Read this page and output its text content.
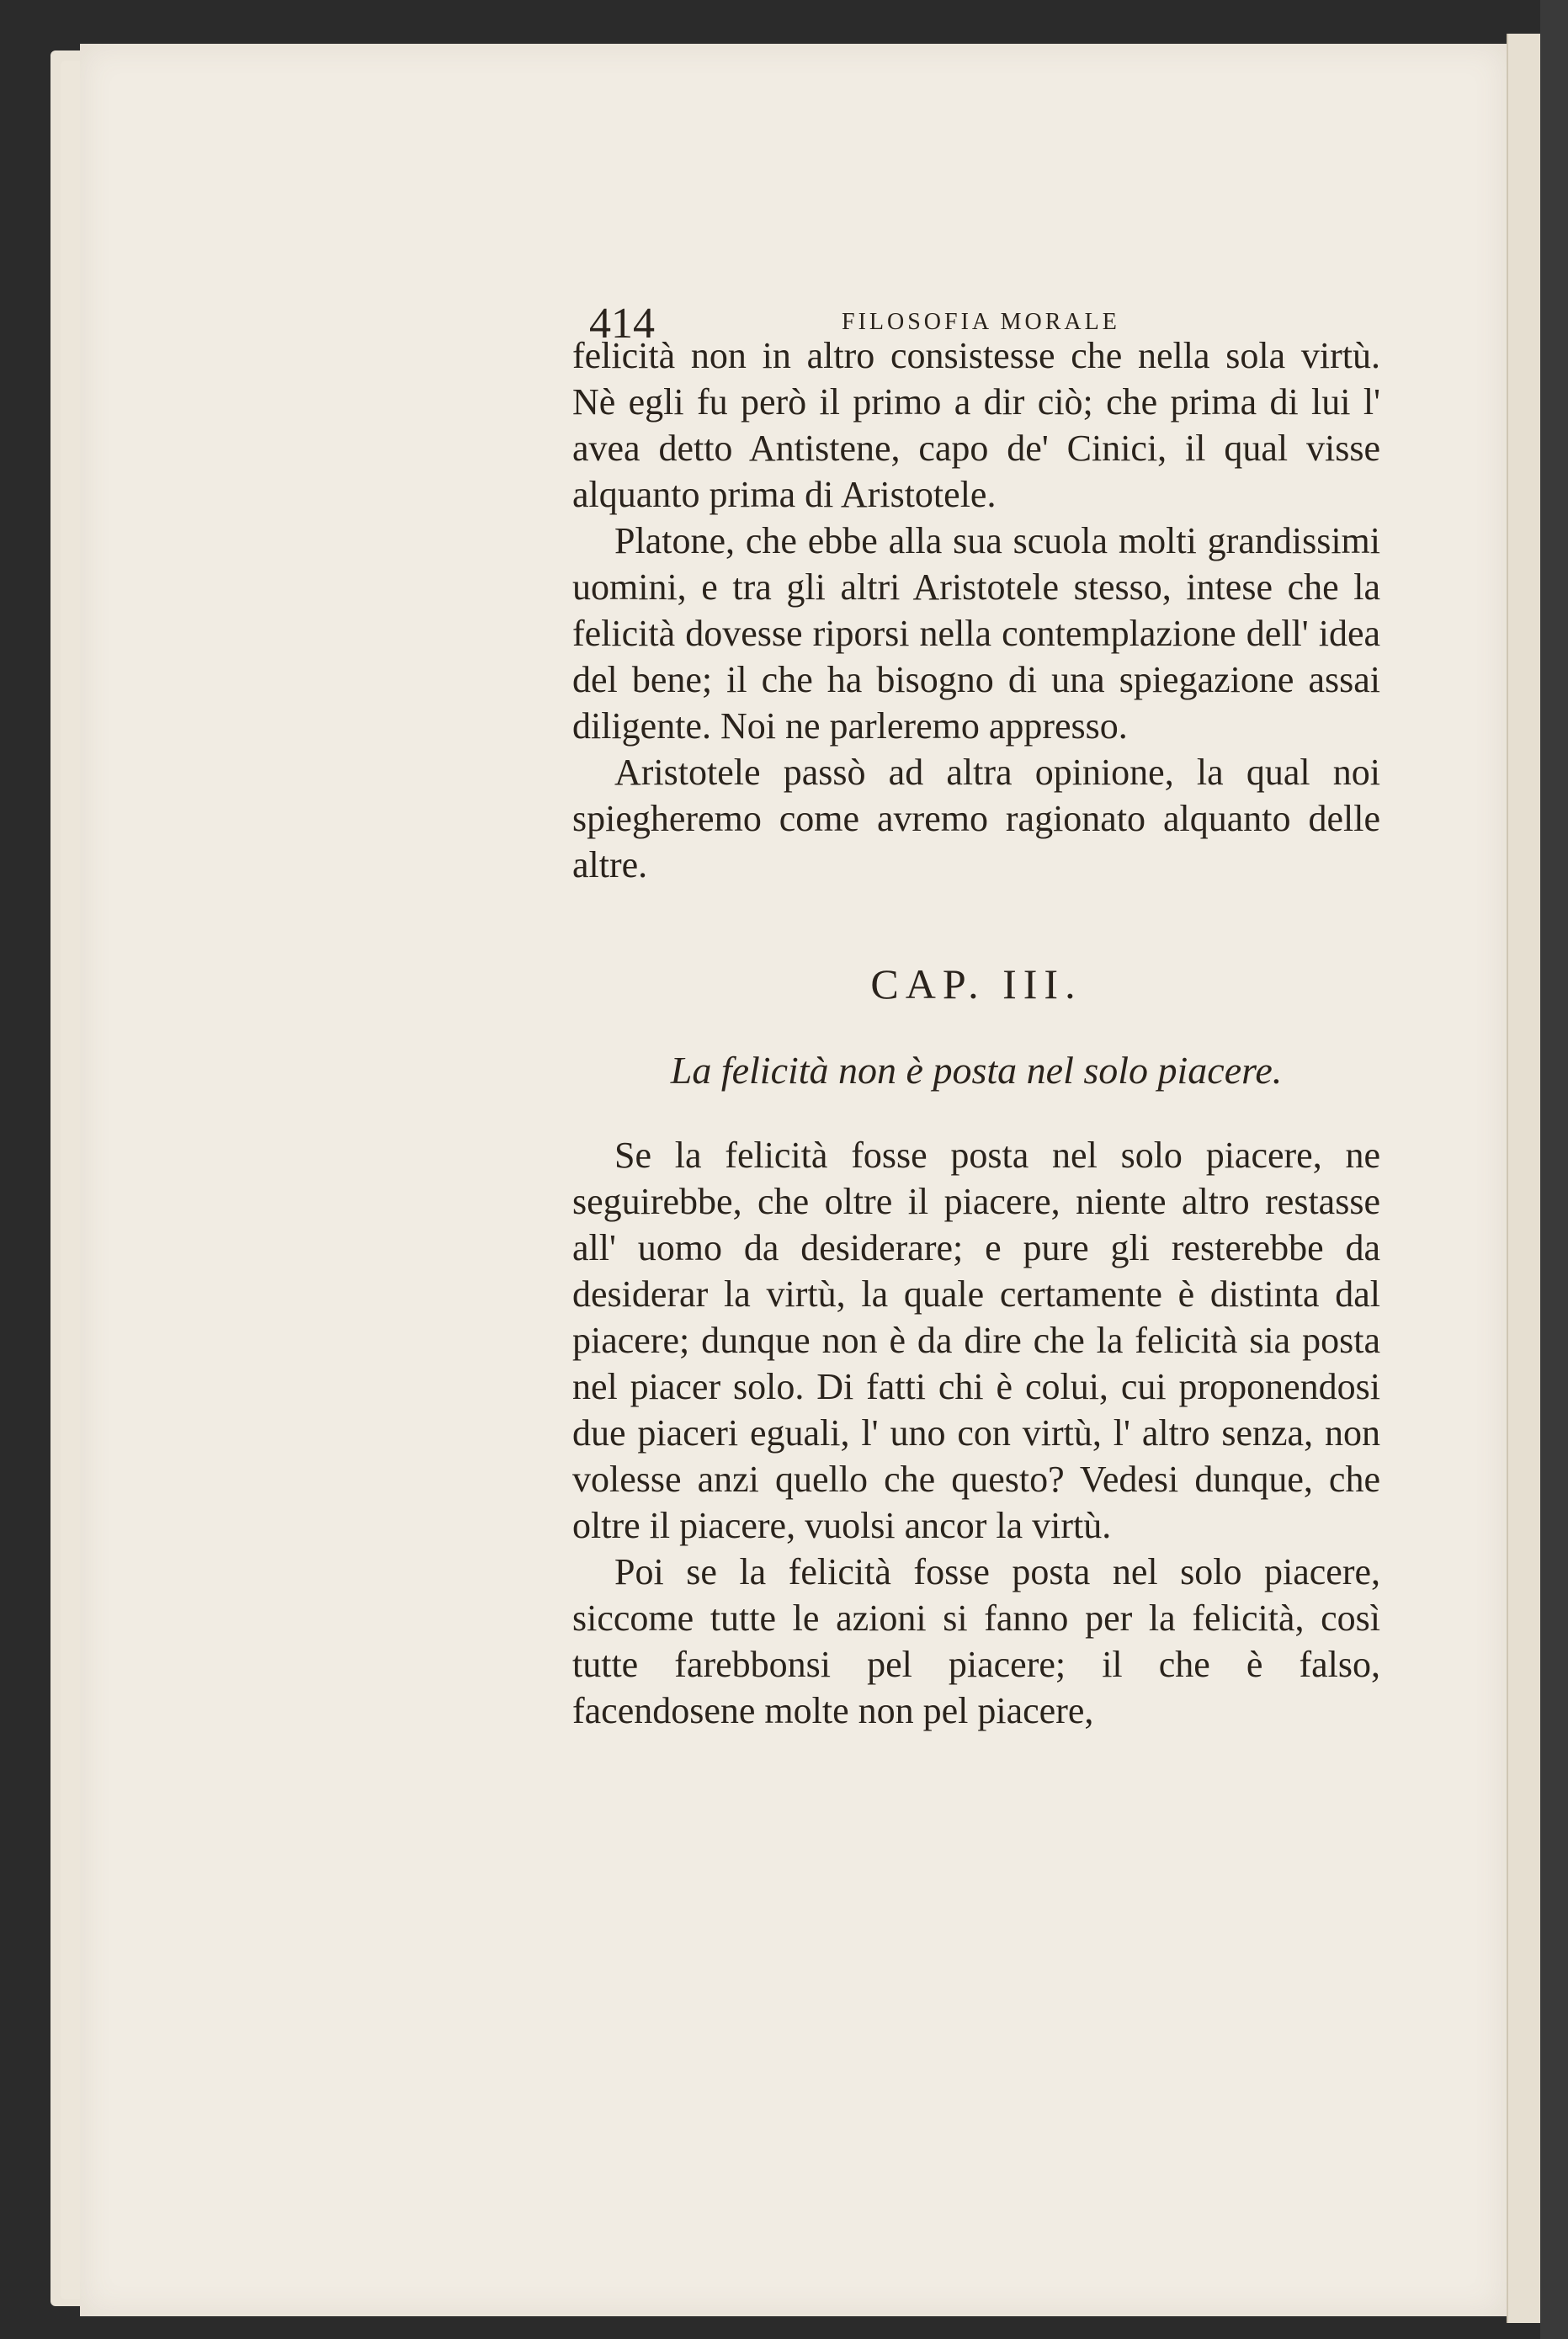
414	FILOSOFIA MORALE

felicità non in altro consistesse che nella sola virtù. Nè egli fu però il primo a dir ciò; che prima di lui l' avea detto Antistene, capo de' Cinici, il qual visse alquanto prima di Aristotele.

Platone, che ebbe alla sua scuola molti grandissimi uomini, e tra gli altri Aristotele stesso, intese che la felicità dovesse riporsi nella contemplazione dell' idea del bene; il che ha bisogno di una spiegazione assai diligente. Noi ne parleremo appresso.

Aristotele passò ad altra opinione, la qual noi spiegheremo come avremo ragionato alquanto delle altre.

CAP. III.
La felicità non è posta nel solo piacere.

Se la felicità fosse posta nel solo piacere, ne seguirebbe, che oltre il piacere, niente altro restasse all' uomo da desiderare; e pure gli resterebbe da desiderar la virtù, la quale certamente è distinta dal piacere; dunque non è da dire che la felicità sia posta nel piacer solo. Di fatti chi è colui, cui proponendosi due piaceri eguali, l' uno con virtù, l' altro senza, non volesse anzi quello che questo? Vedesi dunque, che oltre il piacere, vuolsi ancor la virtù.

Poi se la felicità fosse posta nel solo piacere, siccome tutte le azioni si fanno per la felicità, così tutte farebbonsi pel piacere; il che è falso, facendosene molte non pel piacere,
